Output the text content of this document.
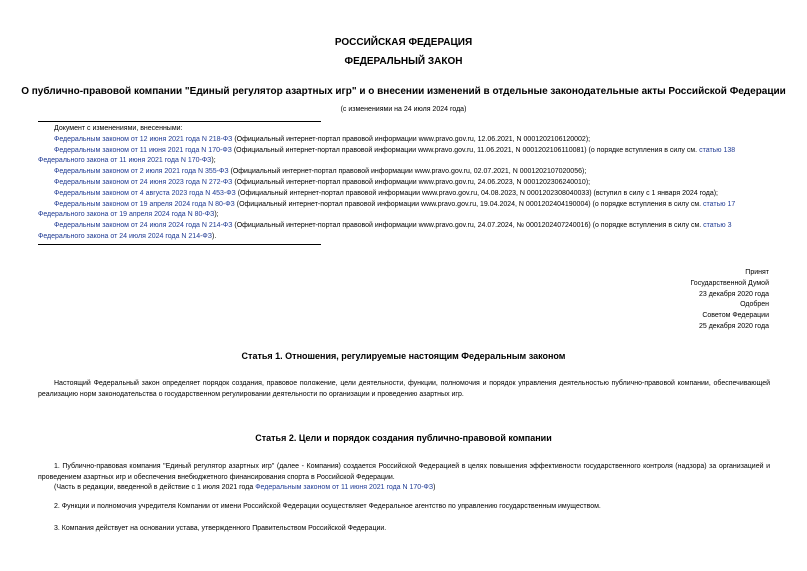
РОССИЙСКАЯ ФЕДЕРАЦИЯ
ФЕДЕРАЛЬНЫЙ ЗАКОН
О публично-правовой компании "Единый регулятор азартных игр" и о внесении изменений в отдельные законодательные акты Российской Федерации
(с изменениями на 24 июля 2024 года)
Документ с изменениями, внесенными:
Федеральным законом от 12 июня 2021 года N 218-ФЗ (Официальный интернет-портал правовой информации www.pravo.gov.ru, 12.06.2021, N 0001202106120002);
Федеральным законом от 11 июня 2021 года N 170-ФЗ (Официальный интернет-портал правовой информации www.pravo.gov.ru, 11.06.2021, N 0001202106110081) (о порядке вступления в силу см. статью 138
Федерального закона от 11 июня 2021 года N 170-ФЗ);
Федеральным законом от 2 июля 2021 года N 355-ФЗ (Официальный интернет-портал правовой информации www.pravo.gov.ru, 02.07.2021, N 0001202107020056);
Федеральным законом от 24 июня 2023 года N 272-ФЗ (Официальный интернет-портал правовой информации www.pravo.gov.ru, 24.06.2023, N 0001202306240010);
Федеральным законом от 4 августа 2023 года N 453-ФЗ (Официальный интернет-портал правовой информации www.pravo.gov.ru, 04.08.2023, N 0001202308040033) (вступил в силу с 1 января 2024 года);
Федеральным законом от 19 апреля 2024 года N 80-ФЗ (Официальный интернет-портал правовой информации www.pravo.gov.ru, 19.04.2024, N 0001202404190004) (о порядке вступления в силу см. статью 17
Федерального закона от 19 апреля 2024 года N 80-ФЗ);
Федеральным законом от 24 июля 2024 года N 214-ФЗ (Официальный интернет-портал правовой информации www.pravo.gov.ru, 24.07.2024, № 0001202407240016) (о порядке вступления в силу см. статью 3
Федерального закона от 24 июля 2024 года N 214-ФЗ).
Принят
Государственной Думой
23 декабря 2020 года
Одобрен
Советом Федерации
25 декабря 2020 года
Статья 1. Отношения, регулируемые настоящим Федеральным законом
Настоящий Федеральный закон определяет порядок создания, правовое положение, цели деятельности, функции, полномочия и порядок управления деятельностью публично-правовой компании, обеспечивающей реализацию норм законодательства о государственном регулировании деятельности по организации и проведению азартных игр.
Статья 2. Цели и порядок создания публично-правовой компании
1. Публично-правовая компания "Единый регулятор азартных игр" (далее - Компания) создается Российской Федерацией в целях повышения эффективности государственного контроля (надзора) за организацией и проведением азартных игр и обеспечения внебюджетного финансирования спорта в Российской Федерации.
(Часть в редакции, введенной в действие с 1 июля 2021 года Федеральным законом от 11 июня 2021 года N 170-ФЗ)
2. Функции и полномочия учредителя Компании от имени Российской Федерации осуществляет Федеральное агентство по управлению государственным имуществом.
3. Компания действует на основании устава, утвержденного Правительством Российской Федерации.
